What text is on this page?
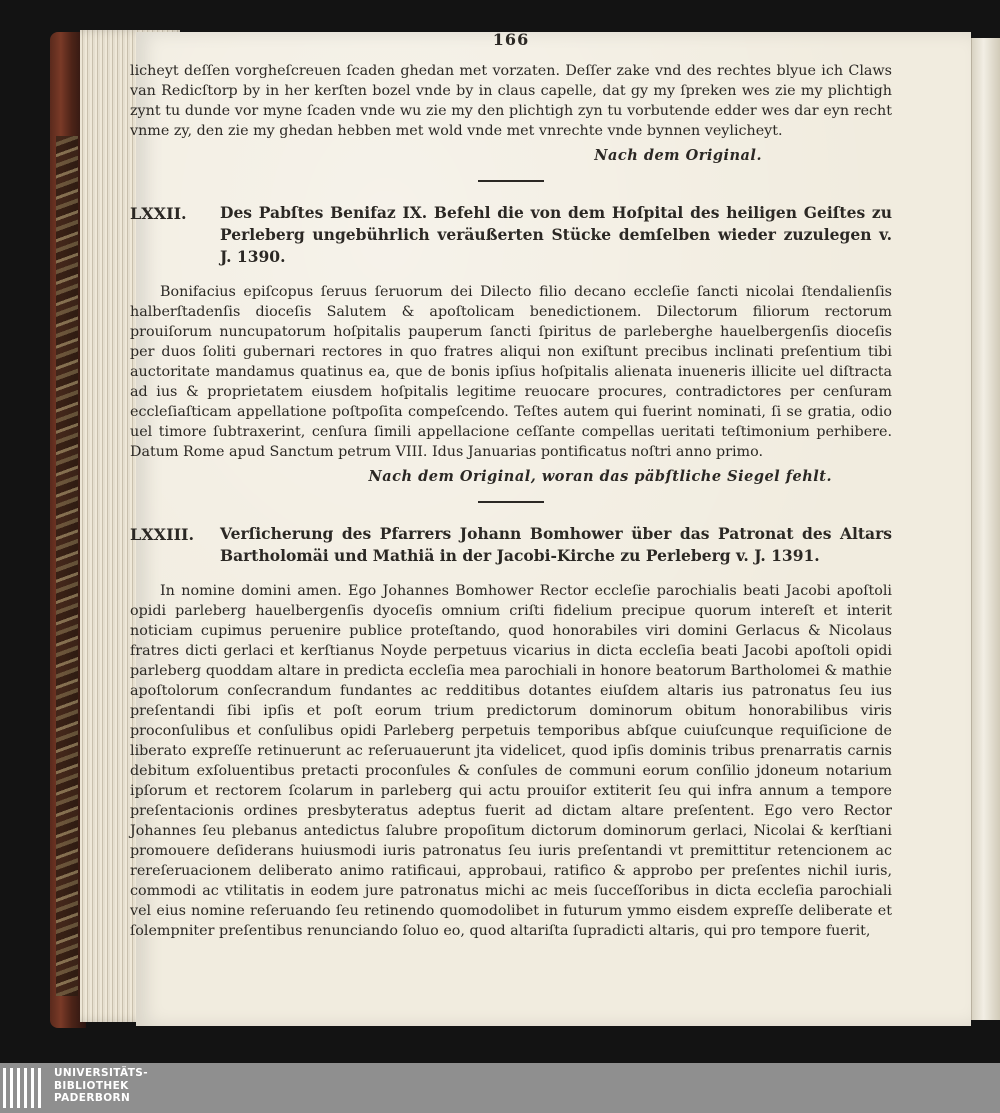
166

licheyt deſſen vorgheſcreuen ſcaden ghedan met vorzaten. Deſſer zake vnd des rechtes blyue ich Claws van Redicſtorp by in her kerſten bozel vnde by in claus capelle, dat gy my ſpreken wes zie my plichtigh zynt tu dunde vor myne ſcaden vnde wu zie my den plichtigh zyn tu vorbutende edder wes dar eyn recht vnme zy, den zie my ghedan hebben met wold vnde met vnrechte vnde bynnen veylicheyt.

Nach dem Original.
LXXII.	Des Pabſtes Benifaz IX. Befehl die von dem Hoſpital des heiligen Geiſtes zu Perleberg ungebührlich veräußerten Stücke demſelben wieder zuzulegen v. J. 1390.

Bonifacius epiſcopus ſeruus ſeruorum dei Dilecto filio decano eccleſie ſancti nicolai ſtendalienſis halberſtadenſis dioceſis Salutem & apoſtolicam benedictionem. Dilectorum filiorum rectorum prouiſorum nuncupatorum hoſpitalis pauperum ſancti ſpiritus de parleberghe hauelbergenſis dioceſis per duos ſoliti gubernari rectores in quo fratres aliqui non exiſtunt precibus inclinati preſentium tibi auctoritate mandamus quatinus ea, que de bonis ipſius hoſpitalis alienata inueneris illicite uel diſtracta ad ius & proprietatem eiusdem hoſpitalis legitime reuocare procures, contradictores per cenſuram eccleſiaſticam appellatione poſtpoſita compeſcendo. Teſtes autem qui fuerint nominati, ſi se gratia, odio uel timore ſubtraxerint, cenſura ſimili appellacione ceſſante compellas ueritati teſtimonium perhibere. Datum Rome apud Sanctum petrum VIII. Idus Januarias pontificatus noſtri anno primo.

Nach dem Original, woran das päbſtliche Siegel fehlt.
LXXIII.	Verſicherung des Pfarrers Johann Bomhower über das Patronat des Altars Bartholomäi und Mathiä in der Jacobi-Kirche zu Perleberg v. J. 1391.

In nomine domini amen. Ego Johannes Bomhower Rector eccleſie parochialis beati Jacobi apoſtoli opidi parleberg hauelbergenſis dyoceſis omnium criſti fidelium precipue quorum intereſt et interit noticiam cupimus peruenire publice proteſtando, quod honorabiles viri domini Gerlacus & Nicolaus fratres dicti gerlaci et kerſtianus Noyde perpetuus vicarius in dicta eccleſia beati Jacobi apoſtoli opidi parleberg quoddam altare in predicta eccleſia mea parochiali in honore beatorum Bartholomei & mathie apoſtolorum conſecrandum fundantes ac redditibus dotantes eiuſdem altaris ius patronatus ſeu ius preſentandi ſibi ipſis et poſt eorum trium predictorum dominorum obitum honorabilibus viris proconſulibus et conſulibus opidi Parleberg perpetuis temporibus abſque cuiuſcunque requiſicione de liberato expreſſe retinuerunt ac reſeruauerunt jta videlicet, quod ipſis dominis tribus prenarratis carnis debitum exſoluentibus pretacti proconſules & conſules de communi eorum conſilio jdoneum notarium ipſorum et rectorem ſcolarum in parleberg qui actu prouiſor extiterit ſeu qui infra annum a tempore preſentacionis ordines presbyteratus adeptus fuerit ad dictam altare preſentent. Ego vero Rector Johannes ſeu plebanus antedictus ſalubre propoſitum dictorum dominorum gerlaci, Nicolai & kerſtiani promouere deſiderans huiusmodi iuris patronatus ſeu iuris preſentandi vt premittitur retencionem ac rereſeruacionem deliberato animo ratificaui, approbaui, ratifico & approbo per preſentes nichil iuris, commodi ac vtilitatis in eodem jure patronatus michi ac meis ſucceſſoribus in dicta eccleſia parochiali vel eius nomine reſeruando ſeu retinendo quomodolibet in futurum ymmo eisdem expreſſe deliberate et ſolempniter preſentibus renunciando ſoluo eo, quod altariſta ſupradicti altaris, qui pro tempore fuerit,

UNIVERSITÄTS-
BIBLIOTHEK
PADERBORN
